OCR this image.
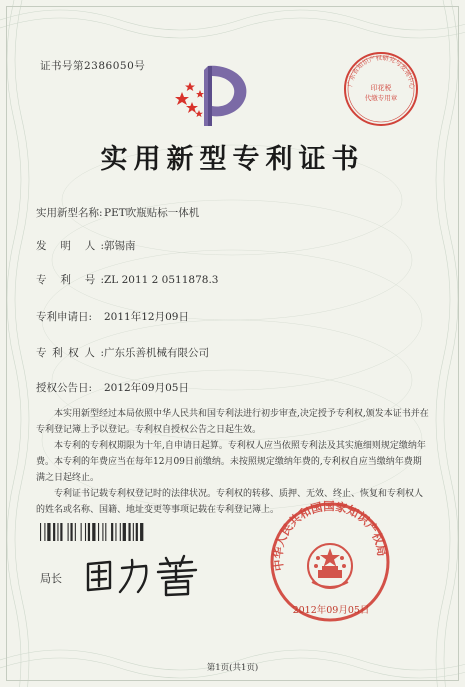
证书号第2386050号
广东省知识产权研究与发展中心
印花税
代缴专用章
实用新型专利证书
实用新型名称:PET吹瓶贴标一体机
发 明 人:郭锡南
专 利 号:ZL 2011 2 0511878.3
专利申请日: 2011年12月09日
专利权人:广东乐善机械有限公司
授权公告日: 2012年09月05日

本实用新型经过本局依照中华人民共和国专利法进行初步审查,决定授予专利权,颁发本证书并在专利登记簿上予以登记。专利权自授权公告之日起生效。

本专利的专利权期限为十年,自申请日起算。专利权人应当依照专利法及其实施细则规定缴纳年费。本专利的年费应当在每年12月09日前缴纳。未按照规定缴纳年费的,专利权自应当缴纳年费期满之日起终止。

专利证书记载专利权登记时的法律状况。专利权的转移、质押、无效、终止、恢复和专利权人的姓名或名称、国籍、地址变更等事项记载在专利登记簿上。

局长
中华人民共和国国家知识产权局
2012年09月05日
第1页(共1页)
